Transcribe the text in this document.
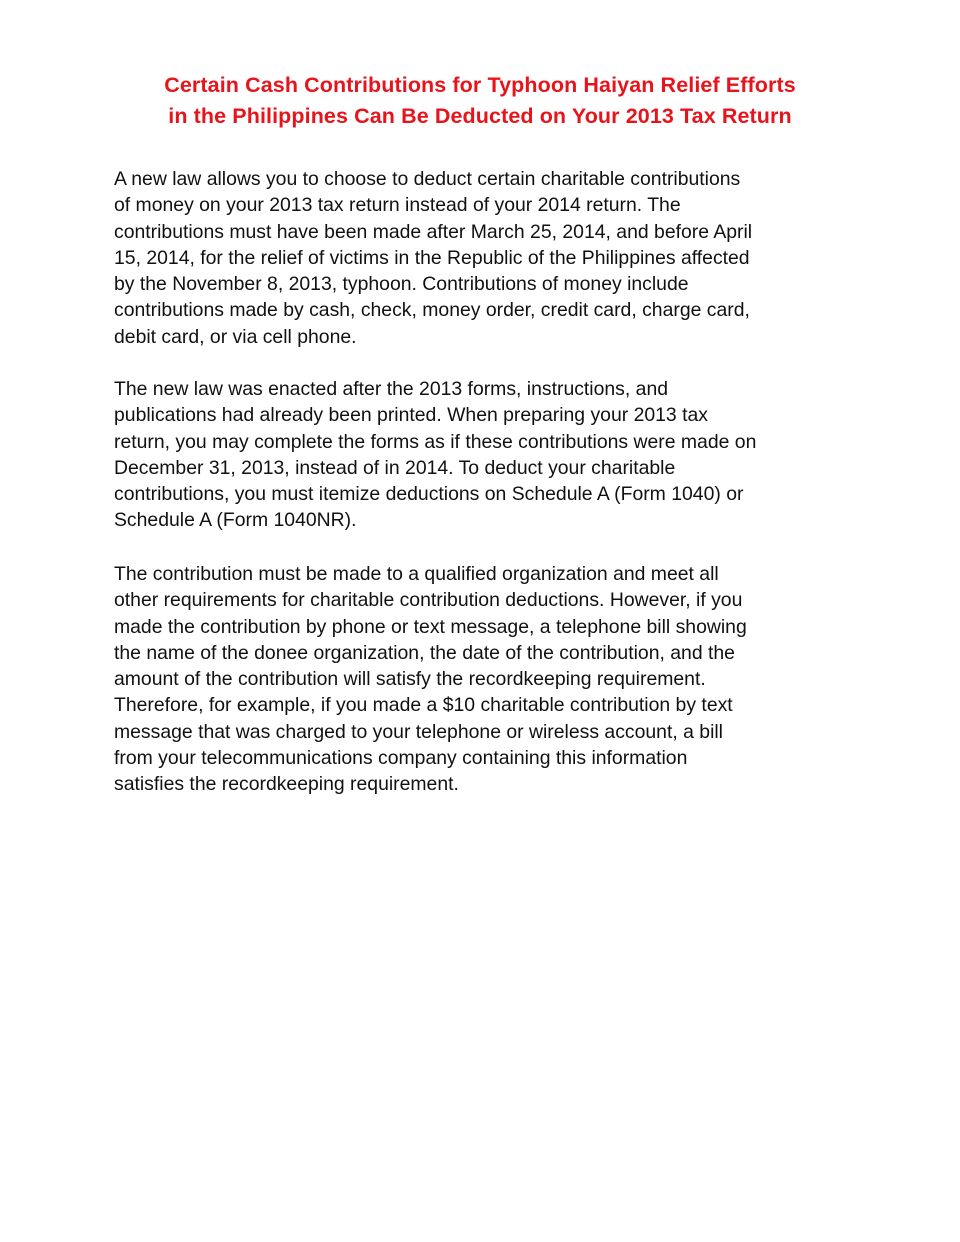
Certain Cash Contributions for Typhoon Haiyan Relief Efforts
in the Philippines Can Be Deducted on Your 2013 Tax Return
A new law allows you to choose to deduct certain charitable contributions
of money on your 2013 tax return instead of your 2014 return. The
contributions must have been made after March 25, 2014, and before April
15, 2014, for the relief of victims in the Republic of the Philippines affected
by the November 8, 2013, typhoon. Contributions of money include
contributions made by cash, check, money order, credit card, charge card,
debit card, or via cell phone.
The new law was enacted after the 2013 forms, instructions, and
publications had already been printed. When preparing your 2013 tax
return, you may complete the forms as if these contributions were made on
December 31, 2013, instead of in 2014. To deduct your charitable
contributions, you must itemize deductions on Schedule A (Form 1040) or
Schedule A (Form 1040NR).
The contribution must be made to a qualified organization and meet all
other requirements for charitable contribution deductions. However, if you
made the contribution by phone or text message, a telephone bill showing
the name of the donee organization, the date of the contribution, and the
amount of the contribution will satisfy the recordkeeping requirement.
Therefore, for example, if you made a $10 charitable contribution by text
message that was charged to your telephone or wireless account, a bill
from your telecommunications company containing this information
satisfies the recordkeeping requirement.
